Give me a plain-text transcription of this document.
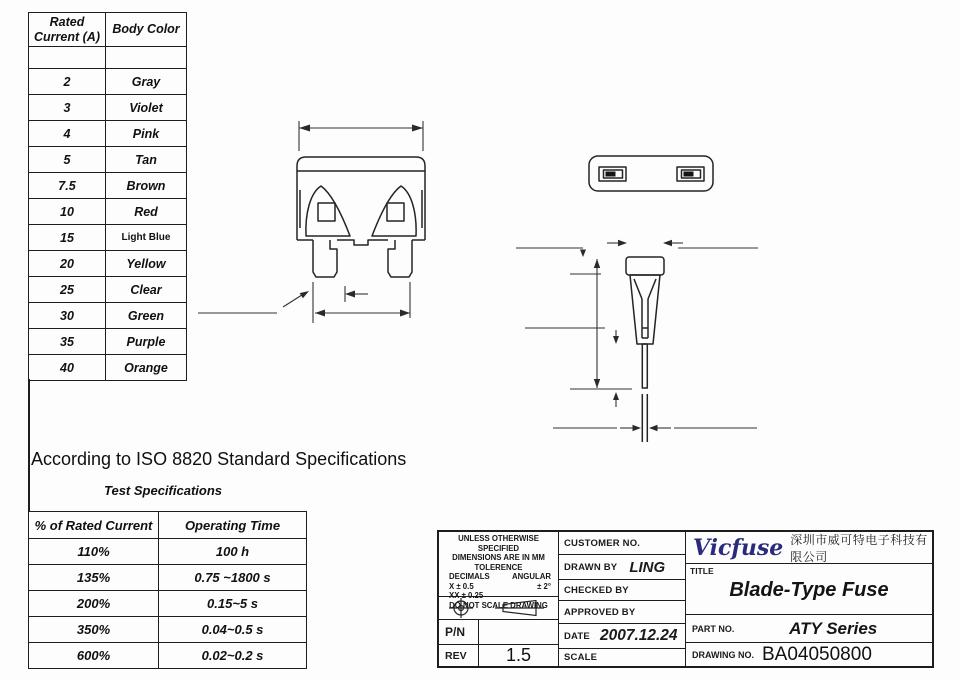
Rated Current (A)	Body Color

2	Gray
3	Violet
4	Pink
5	Tan
7.5	Brown
10	Red
15	Light Blue
20	Yellow
25	Clear
30	Green
35	Purple
40	Orange
According to ISO 8820 Standard Specifications
Test Specifications
% of Rated Current	Operating Time
110%	100 h
135%	0.75 ~1800 s
200%	0.15~5 s
350%	0.04~0.5 s
600%	0.02~0.2 s
UNLESS OTHERWISE SPECIFIED
DIMENSIONS ARE IN MM
TOLERENCE
DECIMALS	ANGULAR
X ± 0.5	± 2°
XX ± 0.25
DO NOT SCALE DRAWING
P/N
REV	1.5
CUSTOMER NO.
DRAWN BY LING
CHECKED BY
APPROVED BY
DATE 2007.12.24
SCALE
Vicfuse 深圳市威可特电子科技有限公司
TITLE
Blade-Type Fuse
PART NO.	ATY Series
DRAWING NO. BA04050800
